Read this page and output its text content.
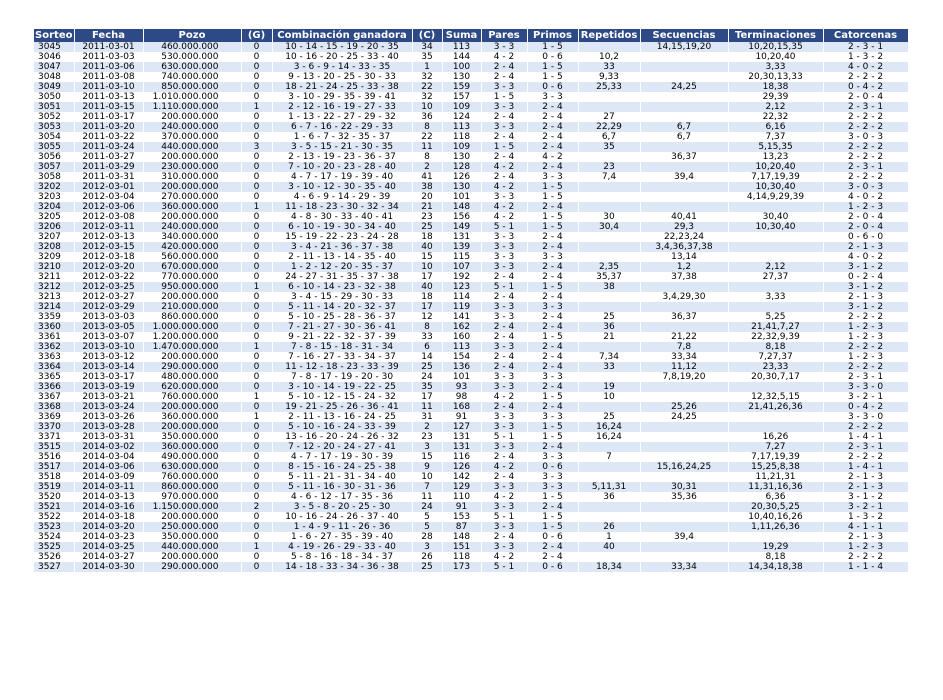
Sorteo	Fecha	Pozo	(G)	Combinación ganadora	(C)	Suma	Pares	Primos	Repetidos	Secuencias	Terminaciones	Catorcenas
3045	2011-03-01	460.000.000	0	10 - 14 - 15 - 19 - 20 - 35	34	113	3 - 3	1 - 5		14,15,19,20	10,20,15,35	2 - 3 - 1
3046	2011-03-03	530.000.000	0	10 - 16 - 20 - 25 - 33 - 40	35	144	4 - 2	0 - 6	10,2		10,20,40	1 - 3 - 2
3047	2011-03-06	630.000.000	0	3 - 6 - 9 - 14 - 33 - 35	1	100	2 - 4	1 - 5	33		3,33	4 - 0 - 2
3048	2011-03-08	740.000.000	0	9 - 13 - 20 - 25 - 30 - 33	32	130	2 - 4	1 - 5	9,33		20,30,13,33	2 - 2 - 2
3049	2011-03-10	850.000.000	0	18 - 21 - 24 - 25 - 33 - 38	22	159	3 - 3	0 - 6	25,33	24,25	18,38	0 - 4 - 2
3050	2011-03-13	1.010.000.000	0	3 - 10 - 29 - 35 - 39 - 41	32	157	1 - 5	3 - 3			29,39	2 - 0 - 4
3051	2011-03-15	1.110.000.000	1	2 - 12 - 16 - 19 - 27 - 33	10	109	3 - 3	2 - 4			2,12	2 - 3 - 1
3052	2011-03-17	200.000.000	0	1 - 13 - 22 - 27 - 29 - 32	36	124	2 - 4	2 - 4	27		22,32	2 - 2 - 2
3053	2011-03-20	240.000.000	0	6 - 7 - 16 - 22 - 29 - 33	8	113	3 - 3	2 - 4	22,29	6,7	6,16	2 - 2 - 2
3054	2011-03-22	370.000.000	0	1 - 6 - 7 - 32 - 35 - 37	22	118	2 - 4	2 - 4	6,7	6,7	7,37	3 - 0 - 3
3055	2011-03-24	440.000.000	3	3 - 5 - 15 - 21 - 30 - 35	11	109	1 - 5	2 - 4	35		5,15,35	2 - 2 - 2
3056	2011-03-27	200.000.000	0	2 - 13 - 19 - 23 - 36 - 37	8	130	2 - 4	4 - 2		36,37	13,23	2 - 2 - 2
3057	2011-03-29	230.000.000	0	7 - 10 - 20 - 23 - 28 - 40	2	128	4 - 2	2 - 4	23		10,20,40	2 - 3 - 1
3058	2011-03-31	310.000.000	0	4 - 7 - 17 - 19 - 39 - 40	41	126	2 - 4	3 - 3	7,4	39,4	7,17,19,39	2 - 2 - 2
3202	2012-03-01	200.000.000	0	3 - 10 - 12 - 30 - 35 - 40	38	130	4 - 2	1 - 5			10,30,40	3 - 0 - 3
3203	2012-03-04	270.000.000	0	4 - 6 - 9 - 14 - 29 - 39	20	101	3 - 3	1 - 5			4,14,9,29,39	4 - 0 - 2
3204	2012-03-06	360.000.000	1	11 - 18 - 23 - 30 - 32 - 34	21	148	4 - 2	2 - 4				1 - 2 - 3
3205	2012-03-08	200.000.000	0	4 - 8 - 30 - 33 - 40 - 41	23	156	4 - 2	1 - 5	30	40,41	30,40	2 - 0 - 4
3206	2012-03-11	240.000.000	0	6 - 10 - 19 - 30 - 34 - 40	25	149	5 - 1	1 - 5	30,4	29,3	10,30,40	2 - 0 - 4
3207	2012-03-13	340.000.000	0	15 - 19 - 22 - 23 - 24 - 28	18	131	3 - 3	2 - 4		22,23,24		0 - 6 - 0
3208	2012-03-15	420.000.000	0	3 - 4 - 21 - 36 - 37 - 38	40	139	3 - 3	2 - 4		3,4,36,37,38		2 - 1 - 3
3209	2012-03-18	560.000.000	0	2 - 11 - 13 - 14 - 35 - 40	15	115	3 - 3	3 - 3		13,14		4 - 0 - 2
3210	2012-03-20	670.000.000	0	1 - 2 - 12 - 20 - 35 - 37	10	107	3 - 3	2 - 4	2,35	1,2	2,12	3 - 1 - 2
3211	2012-03-22	770.000.000	0	24 - 27 - 31 - 35 - 37 - 38	17	192	2 - 4	2 - 4	35,37	37,38	27,37	0 - 2 - 4
3212	2012-03-25	950.000.000	1	6 - 10 - 14 - 23 - 32 - 38	40	123	5 - 1	1 - 5	38			3 - 1 - 2
3213	2012-03-27	200.000.000	0	3 - 4 - 15 - 29 - 30 - 33	18	114	2 - 4	2 - 4		3,4,29,30	3,33	2 - 1 - 3
3214	2012-03-29	210.000.000	0	5 - 11 - 14 - 20 - 32 - 37	17	119	3 - 3	3 - 3				3 - 1 - 2
3359	2013-03-03	860.000.000	0	5 - 10 - 25 - 28 - 36 - 37	12	141	3 - 3	2 - 4	25	36,37	5,25	2 - 2 - 2
3360	2013-03-05	1.000.000.000	0	7 - 21 - 27 - 30 - 36 - 41	8	162	2 - 4	2 - 4	36		21,41,7,27	1 - 2 - 3
3361	2013-03-07	1.200.000.000	0	9 - 21 - 22 - 32 - 37 - 39	33	160	2 - 4	1 - 5	21	21,22	22,32,9,39	1 - 2 - 3
3362	2013-03-10	1.470.000.000	1	7 - 8 - 15 - 18 - 31 - 34	6	113	3 - 3	2 - 4		7,8	8,18	2 - 2 - 2
3363	2013-03-12	200.000.000	0	7 - 16 - 27 - 33 - 34 - 37	14	154	2 - 4	2 - 4	7,34	33,34	7,27,37	1 - 2 - 3
3364	2013-03-14	290.000.000	0	11 - 12 - 18 - 23 - 33 - 39	25	136	2 - 4	2 - 4	33	11,12	23,33	2 - 2 - 2
3365	2013-03-17	480.000.000	0	7 - 8 - 17 - 19 - 20 - 30	24	101	3 - 3	3 - 3		7,8,19,20	20,30,7,17	2 - 3 - 1
3366	2013-03-19	620.000.000	0	3 - 10 - 14 - 19 - 22 - 25	35	93	3 - 3	2 - 4	19			3 - 3 - 0
3367	2013-03-21	760.000.000	1	5 - 10 - 12 - 15 - 24 - 32	17	98	4 - 2	1 - 5	10		12,32,5,15	3 - 2 - 1
3368	2013-03-24	200.000.000	0	19 - 21 - 25 - 26 - 36 - 41	11	168	2 - 4	2 - 4		25,26	21,41,26,36	0 - 4 - 2
3369	2013-03-26	360.000.000	1	2 - 11 - 13 - 16 - 24 - 25	31	91	3 - 3	3 - 3	25	24,25		3 - 3 - 0
3370	2013-03-28	200.000.000	0	5 - 10 - 16 - 24 - 33 - 39	2	127	3 - 3	1 - 5	16,24			2 - 2 - 2
3371	2013-03-31	350.000.000	0	13 - 16 - 20 - 24 - 26 - 32	23	131	5 - 1	1 - 5	16,24		16,26	1 - 4 - 1
3515	2014-03-02	360.000.000	0	7 - 12 - 20 - 24 - 27 - 41	3	131	3 - 3	2 - 4			7,27	2 - 3 - 1
3516	2014-03-04	490.000.000	0	4 - 7 - 17 - 19 - 30 - 39	15	116	2 - 4	3 - 3	7		7,17,19,39	2 - 2 - 2
3517	2014-03-06	630.000.000	0	8 - 15 - 16 - 24 - 25 - 38	9	126	4 - 2	0 - 6		15,16,24,25	15,25,8,38	1 - 4 - 1
3518	2014-03-09	760.000.000	0	5 - 11 - 21 - 31 - 34 - 40	10	142	2 - 4	3 - 3			11,21,31	2 - 1 - 3
3519	2014-03-11	860.000.000	0	5 - 11 - 16 - 30 - 31 - 36	7	129	3 - 3	3 - 3	5,11,31	30,31	11,31,16,36	2 - 1 - 3
3520	2014-03-13	970.000.000	0	4 - 6 - 12 - 17 - 35 - 36	11	110	4 - 2	1 - 5	36	35,36	6,36	3 - 1 - 2
3521	2014-03-16	1.150.000.000	2	3 - 5 - 8 - 20 - 25 - 30	24	91	3 - 3	2 - 4			20,30,5,25	3 - 2 - 1
3522	2014-03-18	200.000.000	0	10 - 16 - 24 - 26 - 37 - 40	5	153	5 - 1	1 - 5			10,40,16,26	1 - 3 - 2
3523	2014-03-20	250.000.000	0	1 - 4 - 9 - 11 - 26 - 36	5	87	3 - 3	1 - 5	26		1,11,26,36	4 - 1 - 1
3524	2014-03-23	350.000.000	0	1 - 6 - 27 - 35 - 39 - 40	28	148	2 - 4	0 - 6	1	39,4		2 - 1 - 3
3525	2014-03-25	440.000.000	1	4 - 19 - 26 - 29 - 33 - 40	3	151	3 - 3	2 - 4	40		19,29	1 - 2 - 3
3526	2014-03-27	200.000.000	0	5 - 8 - 16 - 18 - 34 - 37	26	118	4 - 2	2 - 4			8,18	2 - 2 - 2
3527	2014-03-30	290.000.000	0	14 - 18 - 33 - 34 - 36 - 38	25	173	5 - 1	0 - 6	18,34	33,34	14,34,18,38	1 - 1 - 4
